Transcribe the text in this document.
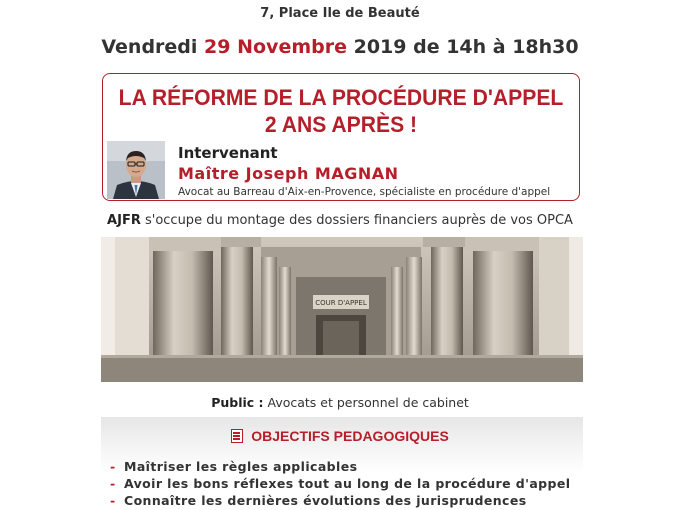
7, Place Ile de Beauté
Vendredi 29 Novembre 2019 de 14h à 18h30
LA RÉFORME DE LA PROCÉDURE D'APPEL
2 ANS APRÈS !
Intervenant
Maître Joseph MAGNAN
Avocat au Barreau d'Aix-en-Provence, spécialiste en procédure d'appel
AJFR s'occupe du montage des dossiers financiers auprès de vos OPCA
COUR D'APPEL
Public : Avocats et personnel de cabinet
OBJECTIFS PEDAGOGIQUES
- Maîtriser les règles applicables
- Avoir les bons réflexes tout au long de la procédure d'appel
- Connaître les dernières évolutions des jurisprudences
